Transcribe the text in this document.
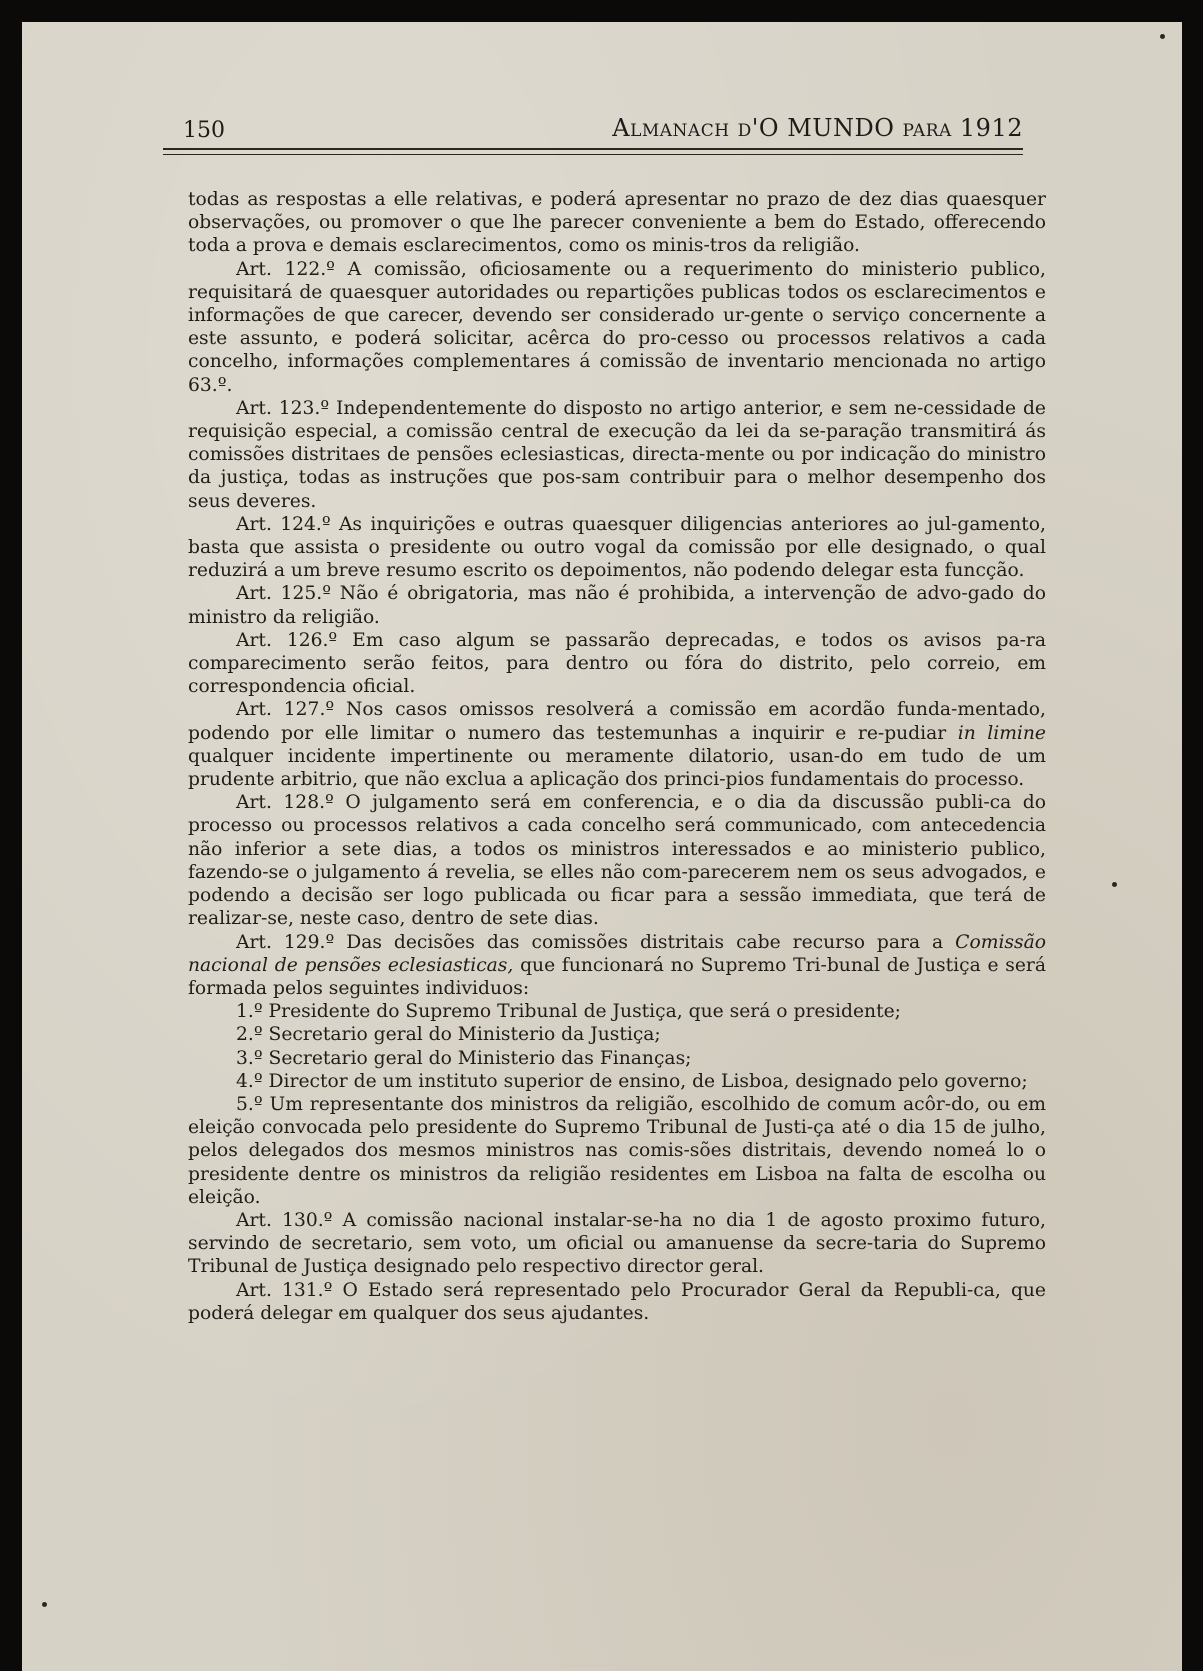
150	Almanach d'O MUNDO para 1912

todas as respostas a elle relativas, e poderá apresentar no prazo de dez dias quaesquer observações, ou promover o que lhe parecer conveniente a bem do Estado, offerecendo toda a prova e demais esclarecimentos, como os minis-tros da religião.

Art. 122.º A comissão, oficiosamente ou a requerimento do ministerio publico, requisitará de quaesquer autoridades ou repartições publicas todos os esclarecimentos e informações de que carecer, devendo ser considerado ur-gente o serviço concernente a este assunto, e poderá solicitar, acêrca do pro-cesso ou processos relativos a cada concelho, informações complementares á comissão de inventario mencionada no artigo 63.º.

Art. 123.º Independentemente do disposto no artigo anterior, e sem ne-cessidade de requisição especial, a comissão central de execução da lei da se-paração transmitirá ás comissões distritaes de pensões eclesiasticas, directa-mente ou por indicação do ministro da justiça, todas as instruções que pos-sam contribuir para o melhor desempenho dos seus deveres.

Art. 124.º As inquirições e outras quaesquer diligencias anteriores ao jul-gamento, basta que assista o presidente ou outro vogal da comissão por elle designado, o qual reduzirá a um breve resumo escrito os depoimentos, não podendo delegar esta funcção.

Art. 125.º Não é obrigatoria, mas não é prohibida, a intervenção de advo-gado do ministro da religião.

Art. 126.º Em caso algum se passarão deprecadas, e todos os avisos pa-ra comparecimento serão feitos, para dentro ou fóra do distrito, pelo correio, em correspondencia oficial.

Art. 127.º Nos casos omissos resolverá a comissão em acordão funda-mentado, podendo por elle limitar o numero das testemunhas a inquirir e re-pudiar in limine qualquer incidente impertinente ou meramente dilatorio, usan-do em tudo de um prudente arbitrio, que não exclua a aplicação dos princi-pios fundamentais do processo.

Art. 128.º O julgamento será em conferencia, e o dia da discussão publi-ca do processo ou processos relativos a cada concelho será communicado, com antecedencia não inferior a sete dias, a todos os ministros interessados e ao ministerio publico, fazendo-se o julgamento á revelia, se elles não com-parecerem nem os seus advogados, e podendo a decisão ser logo publicada ou ficar para a sessão immediata, que terá de realizar-se, neste caso, dentro de sete dias.

Art. 129.º Das decisões das comissões distritais cabe recurso para a Comissão nacional de pensões eclesiasticas, que funcionará no Supremo Tri-bunal de Justiça e será formada pelos seguintes individuos:

1.º Presidente do Supremo Tribunal de Justiça, que será o presidente;

2.º Secretario geral do Ministerio da Justiça;

3.º Secretario geral do Ministerio das Finanças;

4.º Director de um instituto superior de ensino, de Lisboa, designado pelo governo;

5.º Um representante dos ministros da religião, escolhido de comum acôr-do, ou em eleição convocada pelo presidente do Supremo Tribunal de Justi-ça até o dia 15 de julho, pelos delegados dos mesmos ministros nas comis-sões distritais, devendo nomeá lo o presidente dentre os ministros da religião residentes em Lisboa na falta de escolha ou eleição.

Art. 130.º A comissão nacional instalar-se-ha no dia 1 de agosto proximo futuro, servindo de secretario, sem voto, um oficial ou amanuense da secre-taria do Supremo Tribunal de Justiça designado pelo respectivo director geral.

Art. 131.º O Estado será representado pelo Procurador Geral da Republi-ca, que poderá delegar em qualquer dos seus ajudantes.
